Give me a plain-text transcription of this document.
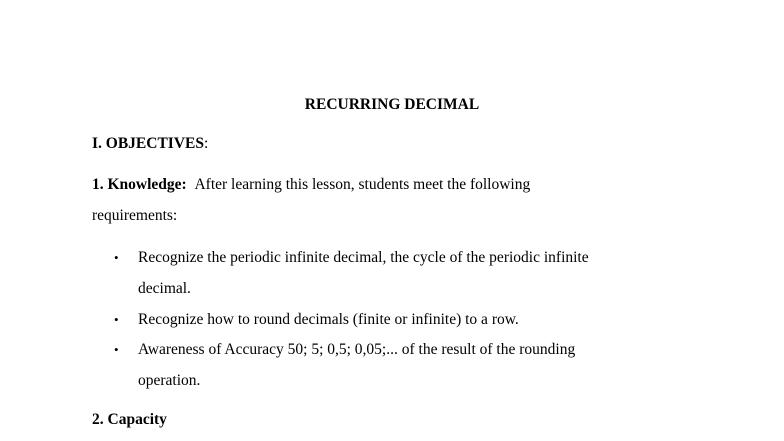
RECURRING DECIMAL
I. OBJECTIVES:
1. Knowledge: After learning this lesson, students meet the following
requirements:
• Recognize the periodic infinite decimal, the cycle of the periodic infinite
decimal.
• Recognize how to round decimals (finite or infinite) to a row.
• Awareness of Accuracy 50; 5; 0,5; 0,05;... of the result of the rounding
operation.
2. Capacity
